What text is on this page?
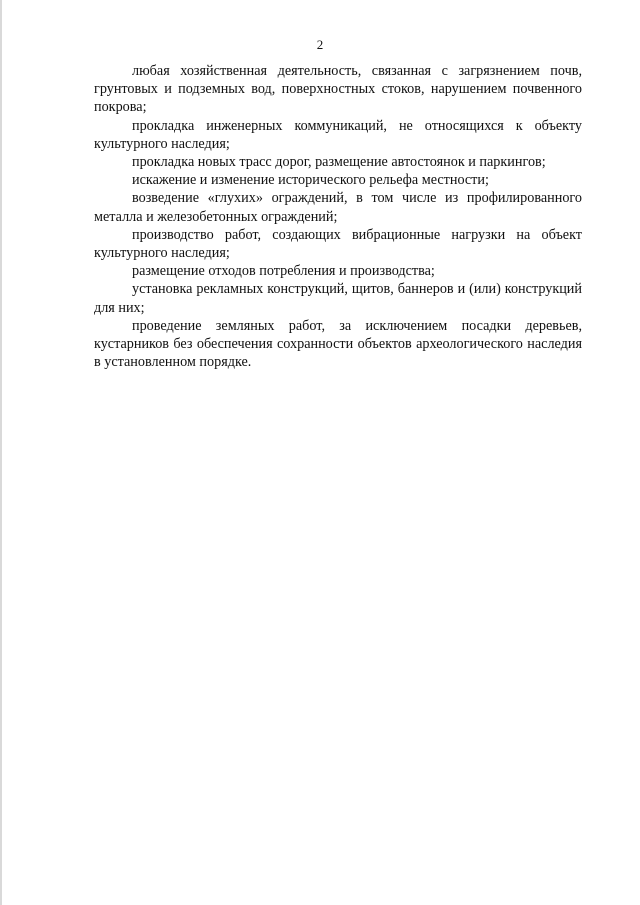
2

любая хозяйственная деятельность, связанная с загрязнением почв, грунтовых и подземных вод, поверхностных стоков, нарушением почвенного покрова;

прокладка инженерных коммуникаций, не относящихся к объекту культурного наследия;

прокладка новых трасс дорог, размещение автостоянок и паркингов;

искажение и изменение исторического рельефа местности;

возведение «глухих» ограждений, в том числе из профилированного металла и железобетонных ограждений;

производство работ, создающих вибрационные нагрузки на объект культурного наследия;

размещение отходов потребления и производства;

установка рекламных конструкций, щитов, баннеров и (или) конструкций для них;

проведение земляных работ, за исключением посадки деревьев, кустарников без обеспечения сохранности объектов археологического наследия в установленном порядке.
